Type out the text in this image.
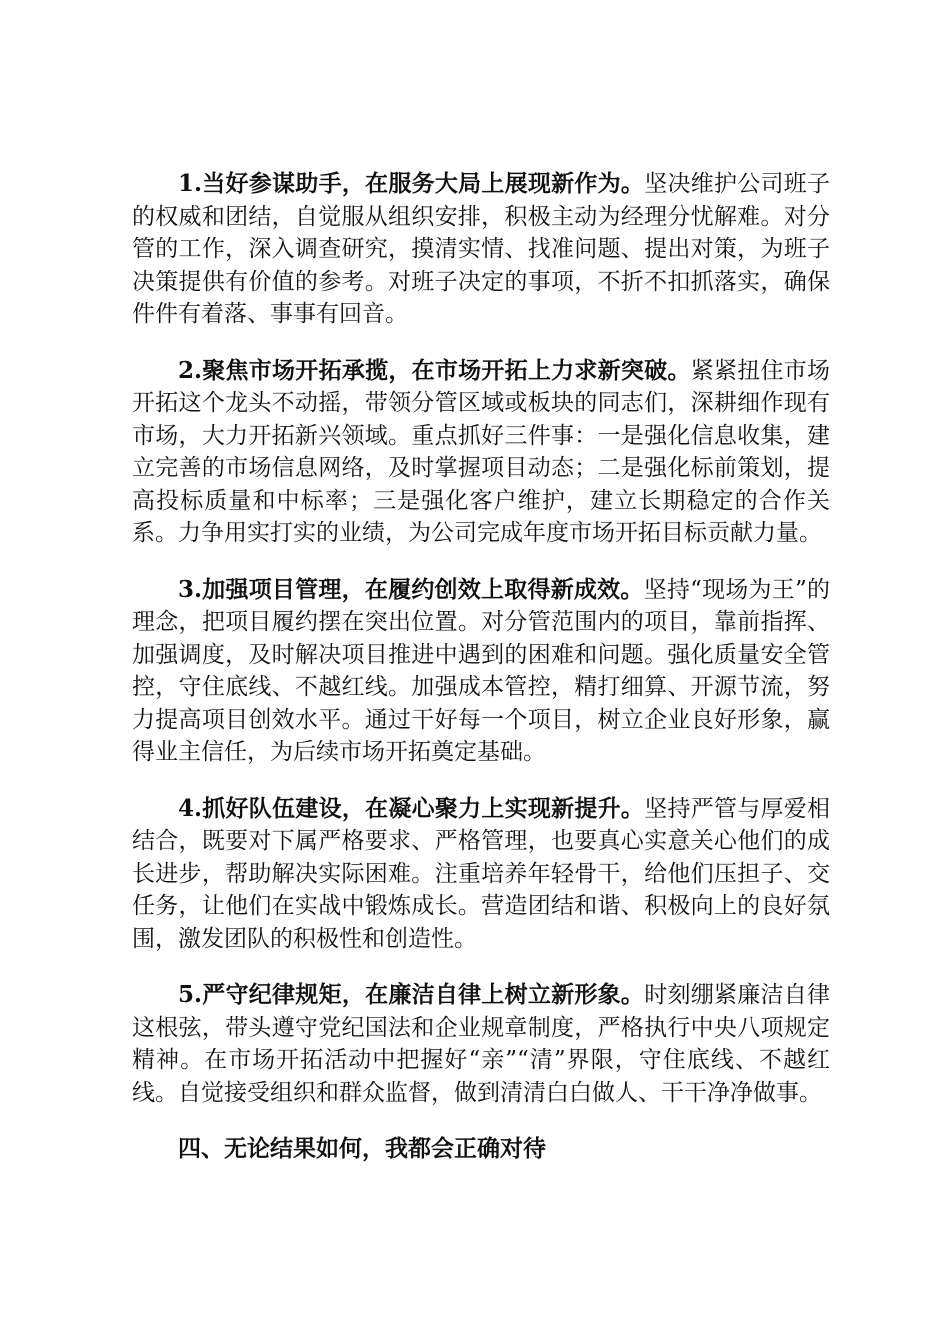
1.当好参谋助手，在服务大局上展现新作为。坚决维护公司班子的权威和团结，自觉服从组织安排，积极主动为经理分忧解难。对分管的工作，深入调查研究，摸清实情、找准问题、提出对策，为班子决策提供有价值的参考。对班子决定的事项，不折不扣抓落实，确保件件有着落、事事有回音。

2.聚焦市场开拓承揽，在市场开拓上力求新突破。紧紧扭住市场开拓这个龙头不动摇，带领分管区域或板块的同志们，深耕细作现有市场，大力开拓新兴领域。重点抓好三件事：一是强化信息收集，建立完善的市场信息网络，及时掌握项目动态；二是强化标前策划，提高投标质量和中标率；三是强化客户维护，建立长期稳定的合作关系。力争用实打实的业绩，为公司完成年度市场开拓目标贡献力量。

3.加强项目管理，在履约创效上取得新成效。坚持“现场为王”的理念，把项目履约摆在突出位置。对分管范围内的项目，靠前指挥、加强调度，及时解决项目推进中遇到的困难和问题。强化质量安全管控，守住底线、不越红线。加强成本管控，精打细算、开源节流，努力提高项目创效水平。通过干好每一个项目，树立企业良好形象，赢得业主信任，为后续市场开拓奠定基础。

4.抓好队伍建设，在凝心聚力上实现新提升。坚持严管与厚爱相结合，既要对下属严格要求、严格管理，也要真心实意关心他们的成长进步，帮助解决实际困难。注重培养年轻骨干，给他们压担子、交任务，让他们在实战中锻炼成长。营造团结和谐、积极向上的良好氛围，激发团队的积极性和创造性。

5.严守纪律规矩，在廉洁自律上树立新形象。时刻绷紧廉洁自律这根弦，带头遵守党纪国法和企业规章制度，严格执行中央八项规定精神。在市场开拓活动中把握好“亲”“清”界限，守住底线、不越红线。自觉接受组织和群众监督，做到清清白白做人、干干净净做事。

四、无论结果如何，我都会正确对待
